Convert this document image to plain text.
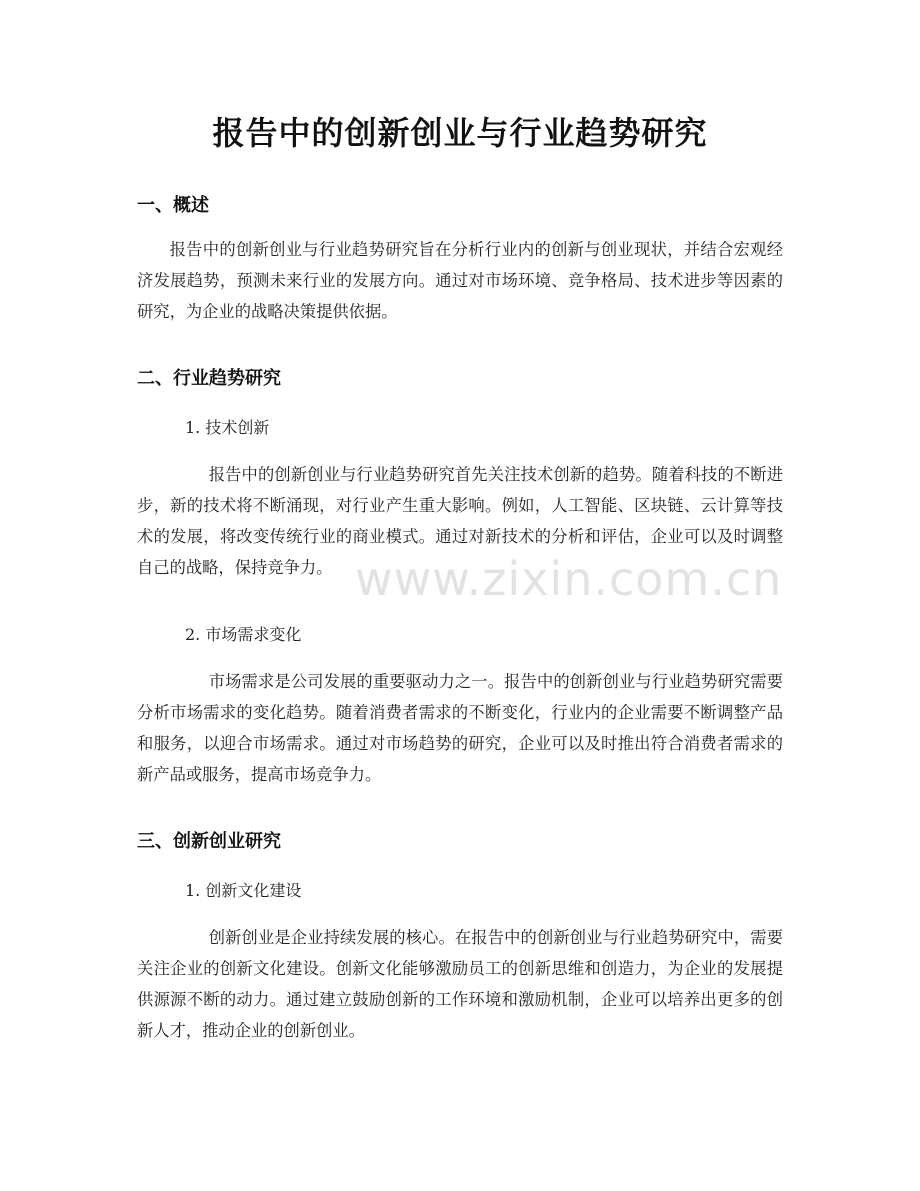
报告中的创新创业与行业趋势研究
一、概述
报告中的创新创业与行业趋势研究旨在分析行业内的创新与创业现状，并结合宏观经济发展趋势，预测未来行业的发展方向。通过对市场环境、竞争格局、技术进步等因素的研究，为企业的战略决策提供依据。
二、行业趋势研究
1. 技术创新
报告中的创新创业与行业趋势研究首先关注技术创新的趋势。随着科技的不断进步，新的技术将不断涌现，对行业产生重大影响。例如，人工智能、区块链、云计算等技术的发展，将改变传统行业的商业模式。通过对新技术的分析和评估，企业可以及时调整自己的战略，保持竞争力。
2. 市场需求变化
市场需求是公司发展的重要驱动力之一。报告中的创新创业与行业趋势研究需要分析市场需求的变化趋势。随着消费者需求的不断变化，行业内的企业需要不断调整产品和服务，以迎合市场需求。通过对市场趋势的研究，企业可以及时推出符合消费者需求的新产品或服务，提高市场竞争力。
三、创新创业研究
1. 创新文化建设
创新创业是企业持续发展的核心。在报告中的创新创业与行业趋势研究中，需要关注企业的创新文化建设。创新文化能够激励员工的创新思维和创造力，为企业的发展提供源源不断的动力。通过建立鼓励创新的工作环境和激励机制，企业可以培养出更多的创新人才，推动企业的创新创业。
www.zixin.com.cn
